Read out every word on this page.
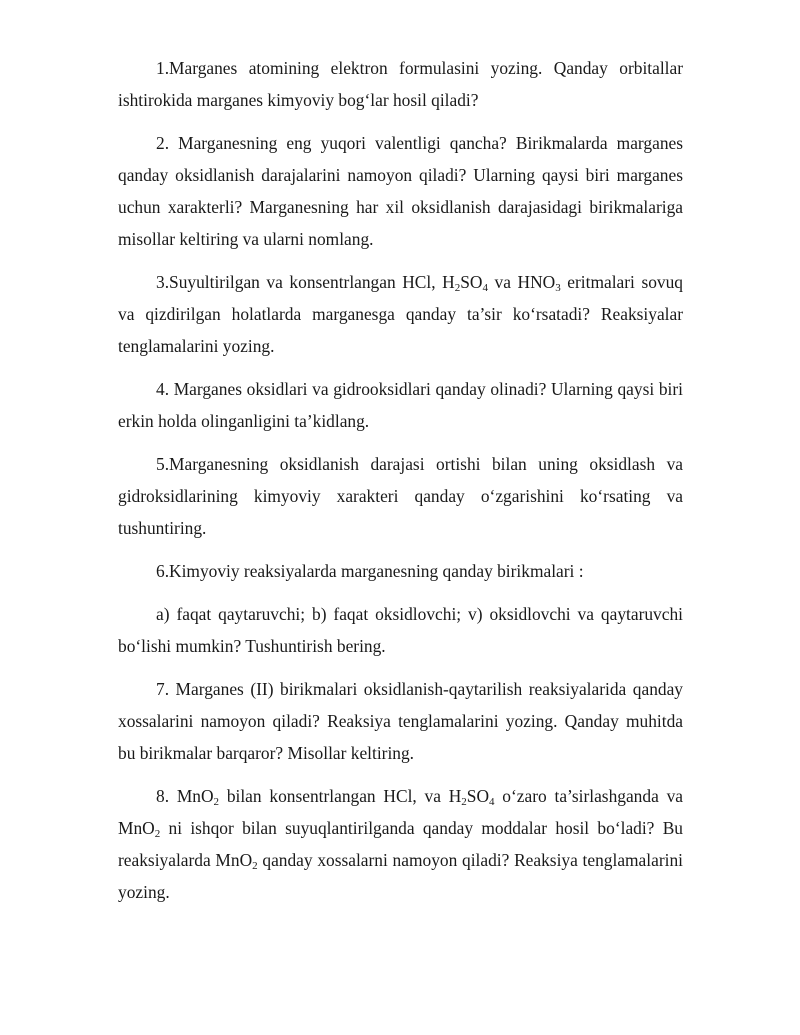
1.Marganes atomining elektron formulasini yozing. Qanday orbitallar ishtirokida marganes kimyoviy bog‘lar hosil qiladi?

2. Marganesning eng yuqori valentligi qancha? Birikmalarda marganes qanday oksidlanish darajalarini namoyon qiladi? Ularning qaysi biri marganes uchun xarakterli? Marganesning har xil oksidlanish darajasidagi birikmalariga misollar keltiring va ularni nomlang.

3.Suyultirilgan va konsentrlangan HCl, $H_2SO_4$ va $HNO_3$ eritmalari sovuq va qizdirilgan holatlarda marganesga qanday ta’sir ko‘rsatadi? Reaksiyalar tenglamalarini yozing.

4. Marganes oksidlari va gidrooksidlari qanday olinadi? Ularning qaysi biri erkin holda olinganligini ta’kidlang.

5.Marganesning oksidlanish darajasi ortishi bilan uning oksidlash va gidroksidlarining kimyoviy xarakteri qanday o‘zgarishini ko‘rsating va tushuntiring.

6.Kimyoviy reaksiyalarda marganesning qanday birikmalari :

a) faqat qaytaruvchi; b) faqat oksidlovchi; v) oksidlovchi va qaytaruvchi bo‘lishi mumkin? Tushuntirish bering.

7. Marganes (II) birikmalari oksidlanish-qaytarilish reaksiyalarida qanday xossalarini namoyon qiladi? Reaksiya tenglamalarini yozing. Qanday muhitda bu birikmalar barqaror? Misollar keltiring.

8. MnO$_2$ bilan konsentrlangan HCl, va $H_2SO_4$ o‘zaro ta’sirlashganda va MnO$_2$ ni ishqor bilan suyuqlantirilganda qanday moddalar hosil bo‘ladi? Bu reaksiyalarda MnO$_2$ qanday xossalarni namoyon qiladi? Reaksiya tenglamalarini yozing.
